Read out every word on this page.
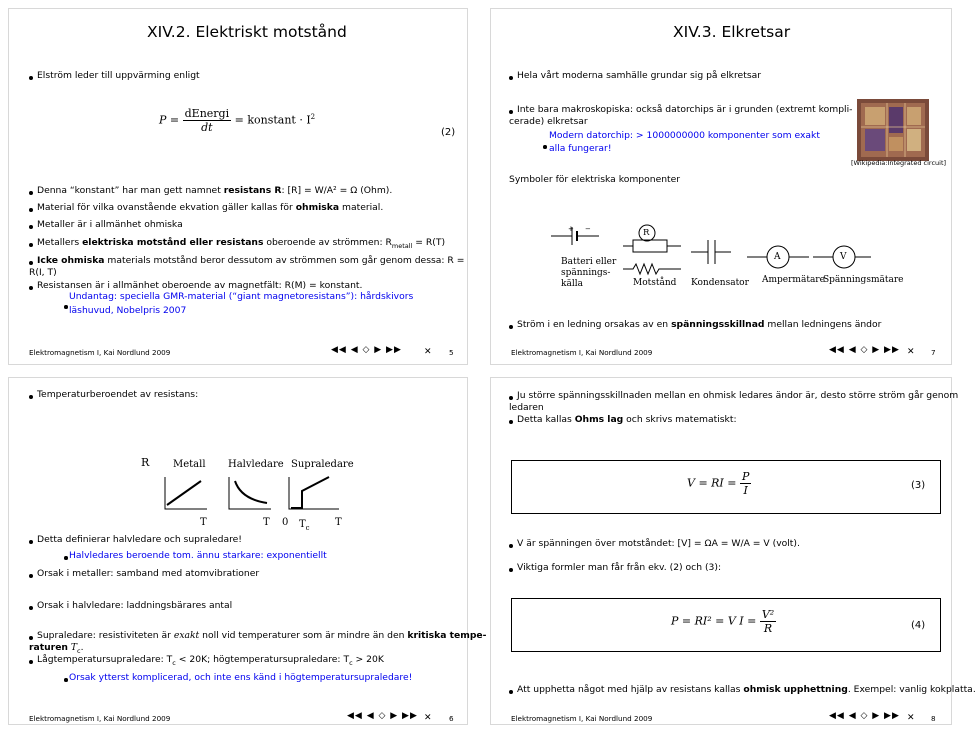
XIV.2. Elektriskt motstånd
Elström leder till uppvärming enligt
$P = \frac{\text{dEnergi}}{dt}$ = konstant · $I^2$
(2)
Denna “konstant” har man gett namnet resistans R: [R] = W/A² = Ω (Ohm).
Material för vilka ovanstående ekvation gäller kallas för ohmiska material.
Metaller är i allmänhet ohmiska
Metallers elektriska motstånd eller resistans oberoende av strömmen: $R_{metall} = R(T)$
Icke ohmiska materials motstånd beror dessutom av strömmen som går genom dessa: R =
R(I, T)
Resistansen är i allmänhet oberoende av magnetfält: R(M) = konstant.
Undantag: speciella GMR-material (“giant magnetoresistans”): hårdskivors
läshuvud, Nobelpris 2007
Elektromagnetism I, Kai Nordlund 2009	◀◀ ◀ ◇ ▶ ▶▶ ✕ 5
XIV.3. Elkretsar
Hela vårt moderna samhälle grundar sig på elkretsar
Inte bara makroskopiska: också datorchips är i grunden (extremt kompli-
cerade) elkretsar
Modern datorchip: > 1000000000 komponenter som exakt
alla fungerar!
[Wikipedia:Integrated circuit]
Symboler för elektriska komponenter
R
+ −
A	V
Batteri eller
spännings-
källa	Motstånd Kondensator Ampermätare
Spänningsmätare
Ström i en ledning orsakas av en spänningsskillnad mellan ledningens ändor
Elektromagnetism I, Kai Nordlund 2009	◀◀ ◀ ◇ ▶ ▶▶ ✕ 7
Temperaturberoendet av resistans:
R Metall Halvledare Supraledare
T	T 0 $T_c$	T
Detta definierar halvledare och supraledare!
Halvledares beroende tom. ännu starkare: exponentiellt
Orsak i metaller: samband med atomvibrationer
Orsak i halvledare: laddningsbärares antal
Supraledare: resistiviteten är exakt noll vid temperaturer som är mindre än den kritiska tempe-
raturen $T_c$.
Lågtemperatursupraledare: $T_c < 20K$; högtemperatursupraledare: $T_c > 20K$
Orsak ytterst komplicerad, och inte ens känd i högtemperatursupraledare!
Elektromagnetism I, Kai Nordlund 2009	◀◀ ◀ ◇ ▶ ▶▶ ✕ 6
Ju större spänningsskillnaden mellan en ohmisk ledares ändor är, desto större ström går genom
ledaren
Detta kallas Ohms lag och skrivs matematiskt:
V = RI = $\frac{P}{I}$	(3)
V är spänningen över motståndet: [V] = ΩA = W/A = V (volt).
Viktiga formler man får från ekv. (2) och (3):
P = RI² = V $I = \frac{\text{V²}}{R}$	(4)
Att upphetta något med hjälp av resistans kallas ohmisk upphettning. Exempel: vanlig kokplatta.
Elektromagnetism I, Kai Nordlund 2009	◀◀ ◀ ◇ ▶ ▶▶ ✕ 8
